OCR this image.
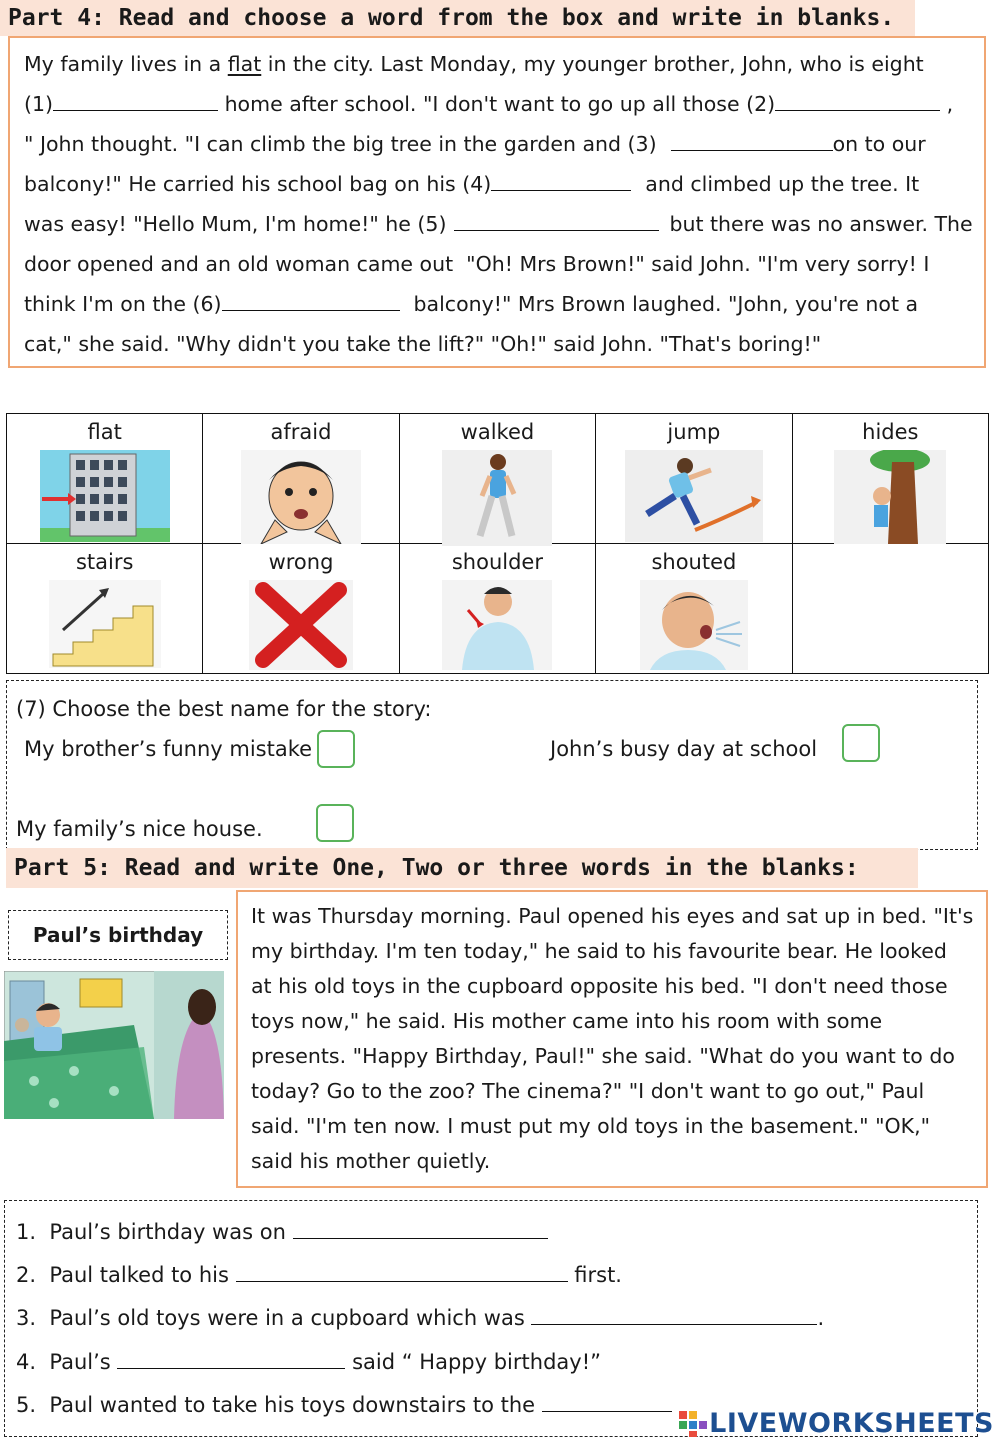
Part 4: Read and choose a word from the box and write in blanks.
My family lives in a flat in the city. Last Monday, my younger brother, John, who is eight
(1)	home after school. "I don't want to go up all those (2)	,
" John thought. "I can climb the big tree in the garden and (3)	on to our
balcony!" He carried his school bag on his (4)	and climbed up the tree. It
was easy! "Hello Mum, I'm home!" he (5)	but there was no answer. The
door opened and an old woman came out  "Oh! Mrs Brown!" said John. "I'm very sorry! I
think I'm on the (6)	balcony!" Mrs Brown laughed. "John, you're not a
cat," she said. "Why didn't you take the lift?" "Oh!" said John. "That's boring!"
flat	afraid	walked	jump	hides

stairs	wrong	shoulder	shouted	

(7) Choose the best name for the story:
My brother’s funny mistake	John’s busy day at school
My family’s nice house.
Part 5: Read and write One, Two or three words in the blanks:
Paul’s birthday
It was Thursday morning. Paul opened his eyes and sat up in bed. "It's
my birthday. I'm ten today," he said to his favourite bear. He looked
at his old toys in the cupboard opposite his bed. "I don't need those
toys now," he said. His mother came into his room with some
presents. "Happy Birthday, Paul!" she said. "What do you want to do
today? Go to the zoo? The cinema?" "I don't want to go out," Paul
said. "I'm ten now. I must put my old toys in the basement." "OK,"
said his mother quietly.
1.  Paul’s birthday was on
2.  Paul talked to his	first.
3.  Paul’s old toys were in a cupboard which was	.
4.  Paul’s	said “ Happy birthday!”
5.  Paul wanted to take his toys downstairs to the
LIVEWORKSHEETS
